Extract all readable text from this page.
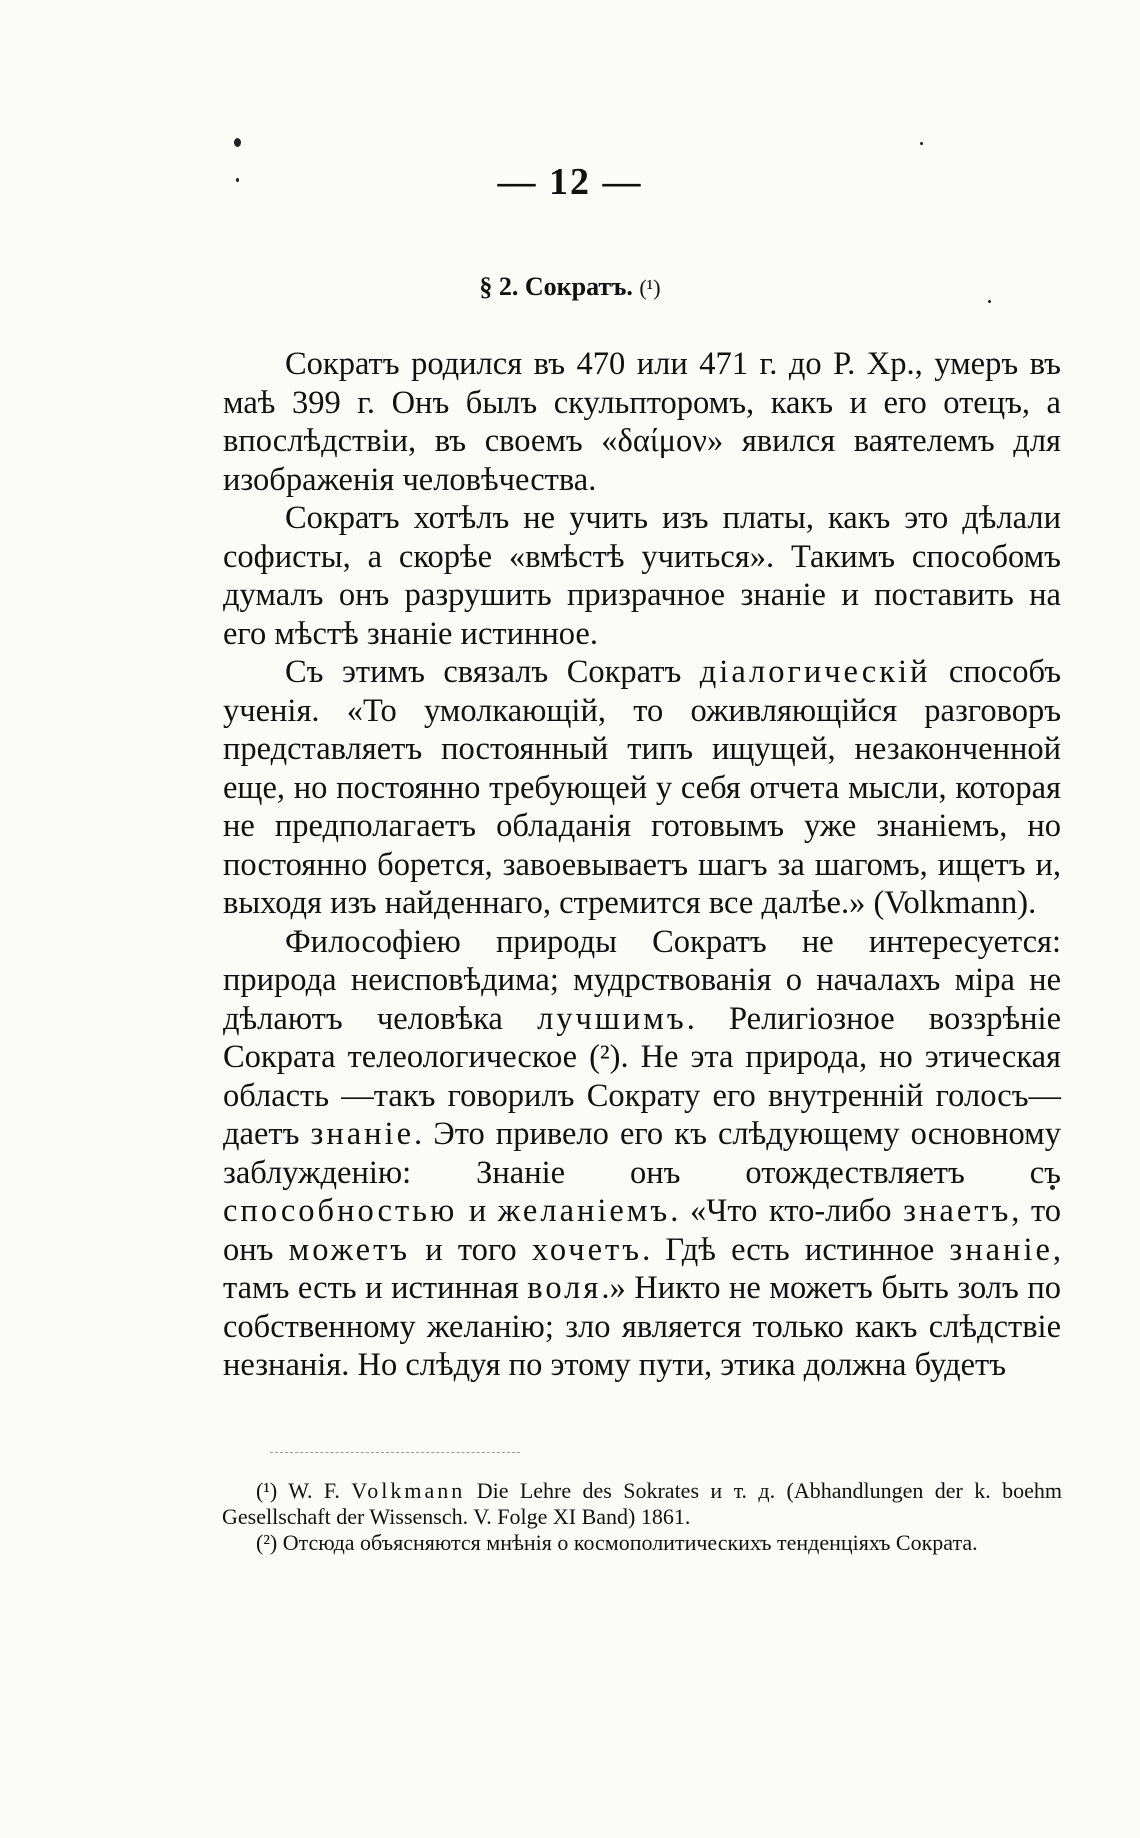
— 12 —
§ 2. Сократъ. (¹)

Сократъ родился въ 470 или 471 г. до Р. Хр., умеръ въ маѣ 399 г. Онъ былъ скульпторомъ, какъ и его отецъ, а впослѣдствіи, въ своемъ «δαίμον» явился ваятелемъ для изображенія человѣчества.

Сократъ хотѣлъ не учить изъ платы, какъ это дѣлали софисты, а скорѣе «вмѣстѣ учиться». Такимъ способомъ думалъ онъ разрушить призрачное знаніе и поставить на его мѣстѣ знаніе истинное.

Съ этимъ связалъ Сократъ діалогическій способъ ученія. «То умолкающій, то оживляющійся разговоръ представляетъ постоянный типъ ищущей, незаконченной еще, но постоянно требующей у себя отчета мысли, которая не предполагаетъ обладанія готовымъ уже знаніемъ, но постоянно борется, завоевываетъ шагъ за шагомъ, ищетъ и, выходя изъ найденнаго, стремится все далѣе.» (Volkmann).

Философіею природы Сократъ не интересуется: природа неисповѣдима; мудрствованія о началахъ міра не дѣлаютъ человѣка лучшимъ. Религіозное воззрѣніе Сократа телеологическое (²). Не эта природа, но этическая область —такъ говорилъ Сократу его внутренній голосъ—даетъ знаніе. Это привело его къ слѣдующему основному заблужденію: Знаніе онъ отождествляетъ съ способностью и желаніемъ. «Что кто-либо знаетъ, то онъ можетъ и того хочетъ. Гдѣ есть истинное знаніе, тамъ есть и истинная воля.» Никто не можетъ быть золъ по собственному желанію; зло является только какъ слѣдствіе незнанія. Но слѣдуя по этому пути, этика должна будетъ

(¹) W. F. Volkmann Die Lehre des Sokrates и т. д. (Abhandlungen der k. boehm Gesellschaft der Wissensch. V. Folge XI Band) 1861.

(²) Отсюда объясняются мнѣнія о космополитическихъ тенденціяхъ Сократа.
